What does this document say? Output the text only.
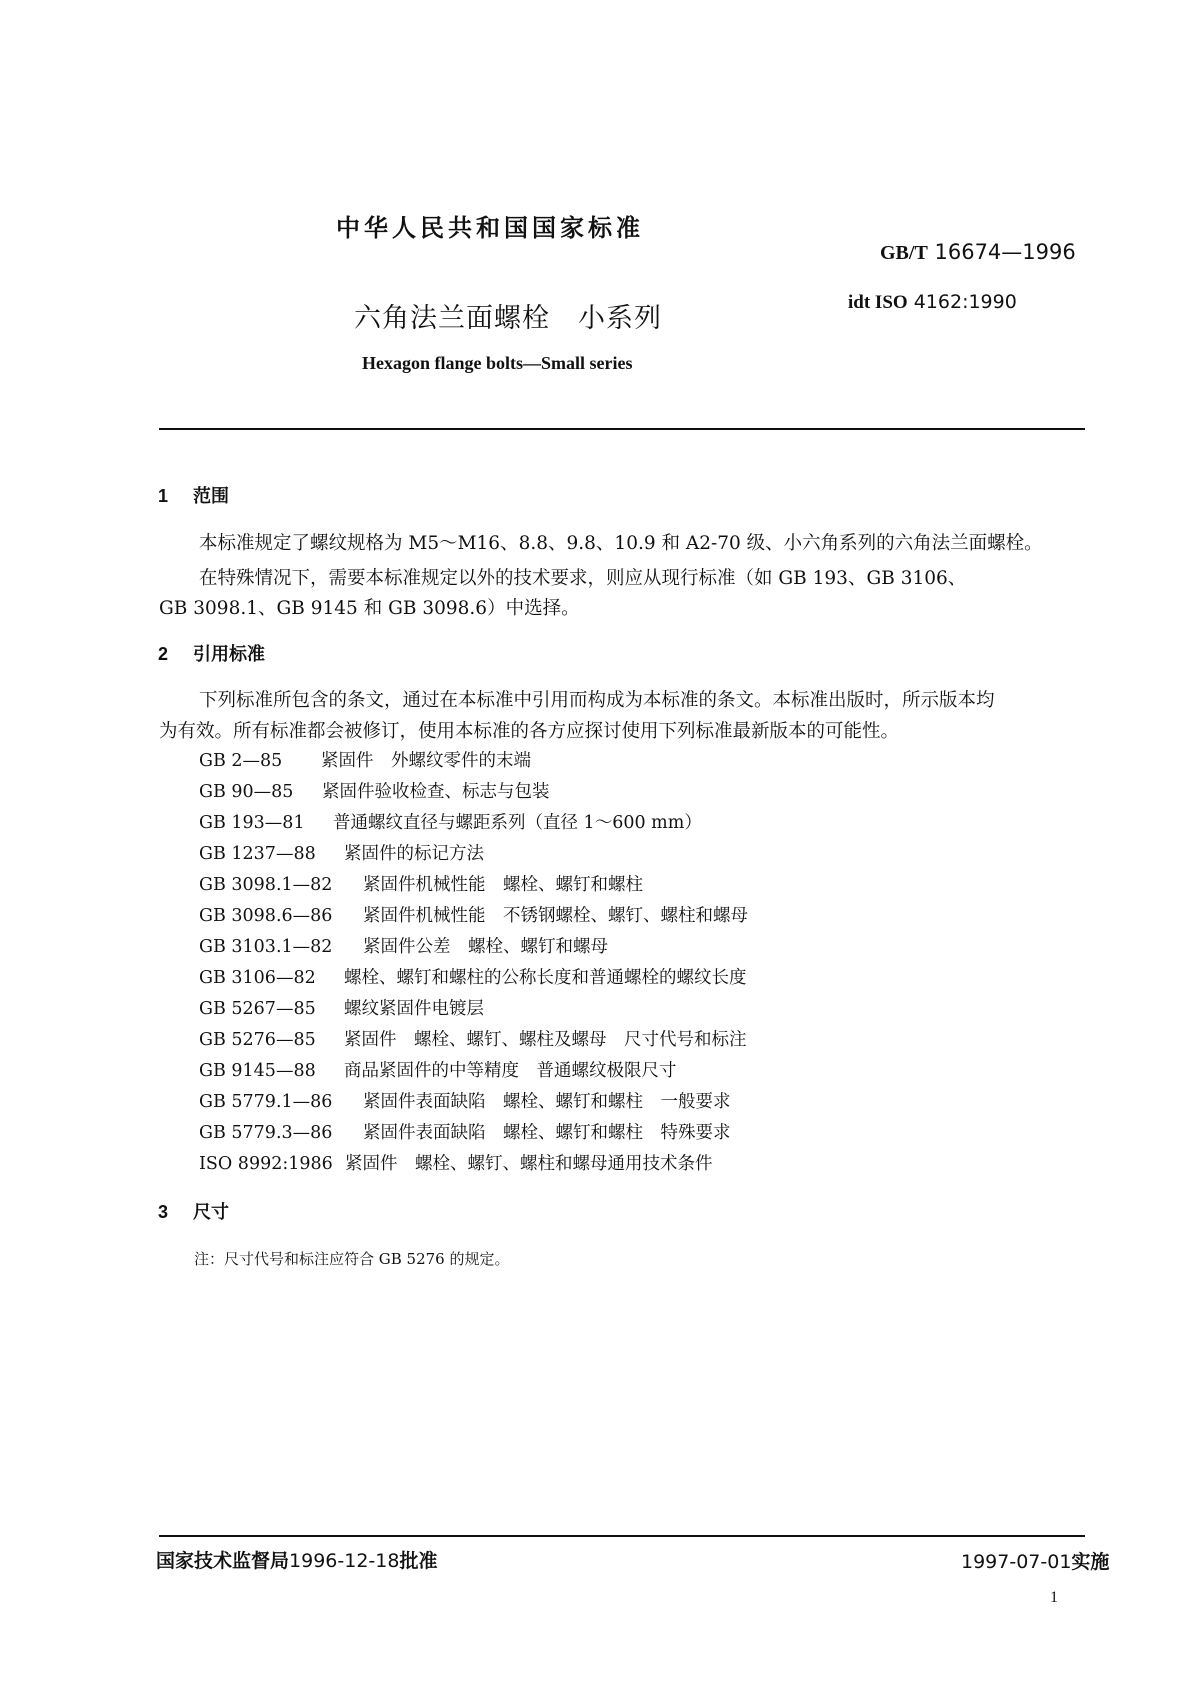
中华人民共和国国家标准
GB/T 16674—1996
idt ISO 4162:1990
六角法兰面螺栓　小系列
Hexagon flange bolts—Small series
1 范围
本标准规定了螺纹规格为 M5～M16、8.8、9.8、10.9 和 A2-70 级、小六角系列的六角法兰面螺栓。
在特殊情况下，需要本标准规定以外的技术要求，则应从现行标准（如 GB 193、GB 3106、
GB 3098.1、GB 9145 和 GB 3098.6）中选择。
2 引用标准
下列标准所包含的条文，通过在本标准中引用而构成为本标准的条文。本标准出版时，所示版本均
为有效。所有标准都会被修订，使用本标准的各方应探讨使用下列标准最新版本的可能性。
GB 2—85 紧固件　外螺纹零件的末端
GB 90—85 紧固件验收检查、标志与包装
GB 193—81 普通螺纹直径与螺距系列（直径 1～600 mm）
GB 1237—88 紧固件的标记方法
GB 3098.1—82 紧固件机械性能　螺栓、螺钉和螺柱
GB 3098.6—86 紧固件机械性能　不锈钢螺栓、螺钉、螺柱和螺母
GB 3103.1—82 紧固件公差　螺栓、螺钉和螺母
GB 3106—82 螺栓、螺钉和螺柱的公称长度和普通螺栓的螺纹长度
GB 5267—85 螺纹紧固件电镀层
GB 5276—85 紧固件　螺栓、螺钉、螺柱及螺母　尺寸代号和标注
GB 9145—88 商品紧固件的中等精度　普通螺纹极限尺寸
GB 5779.1—86 紧固件表面缺陷　螺栓、螺钉和螺柱　一般要求
GB 5779.3—86 紧固件表面缺陷　螺栓、螺钉和螺柱　特殊要求
ISO 8992:1986 紧固件　螺栓、螺钉、螺柱和螺母通用技术条件
3 尺寸
注：尺寸代号和标注应符合 GB 5276 的规定。
国家技术监督局1996-12-18批准	1997-07-01实施
1
